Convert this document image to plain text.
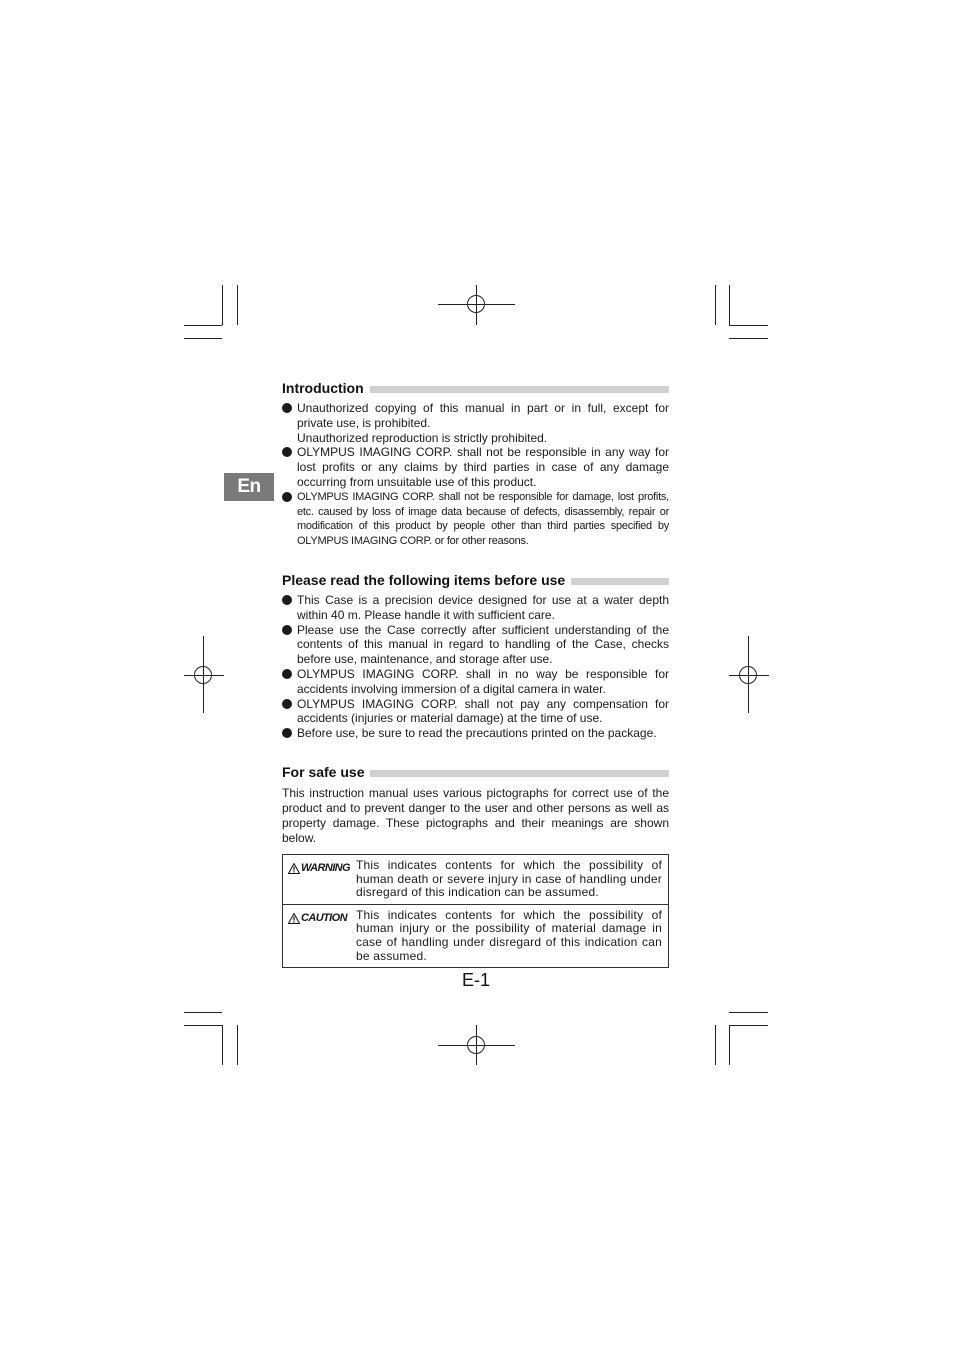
En
Introduction
Unauthorized copying of this manual in part or in full, except for private use, is prohibited.
Unauthorized reproduction is strictly prohibited.
OLYMPUS IMAGING CORP. shall not be responsible in any way for lost profits or any claims by third parties in case of any damage occurring from unsuitable use of this product.
OLYMPUS IMAGING CORP. shall not be responsible for damage, lost profits, etc. caused by loss of image data because of defects, disassembly, repair or modification of this product by people other than third parties specified by OLYMPUS IMAGING CORP. or for other reasons.
Please read the following items before use
This Case is a precision device designed for use at a water depth within 40 m. Please handle it with sufficient care.
Please use the Case correctly after sufficient understanding of the contents of this manual in regard to handling of the Case, checks before use, maintenance, and storage after use.
OLYMPUS IMAGING CORP. shall in no way be responsible for accidents involving immersion of a digital camera in water.
OLYMPUS IMAGING CORP. shall not pay any compensation for accidents (injuries or material damage) at the time of use.
Before use, be sure to read the precautions printed on the package.
For safe use

This instruction manual uses various pictographs for correct use of the product and to prevent danger to the user and other persons as well as property damage. These pictographs and their meanings are shown below.

WARNING	This indicates contents for which the possibility of human death or severe injury in case of handling under disregard of this indication can be assumed.

CAUTION	This indicates contents for which the possibility of human injury or the possibility of material damage in case of handling under disregard of this indication can be assumed.
E-1
